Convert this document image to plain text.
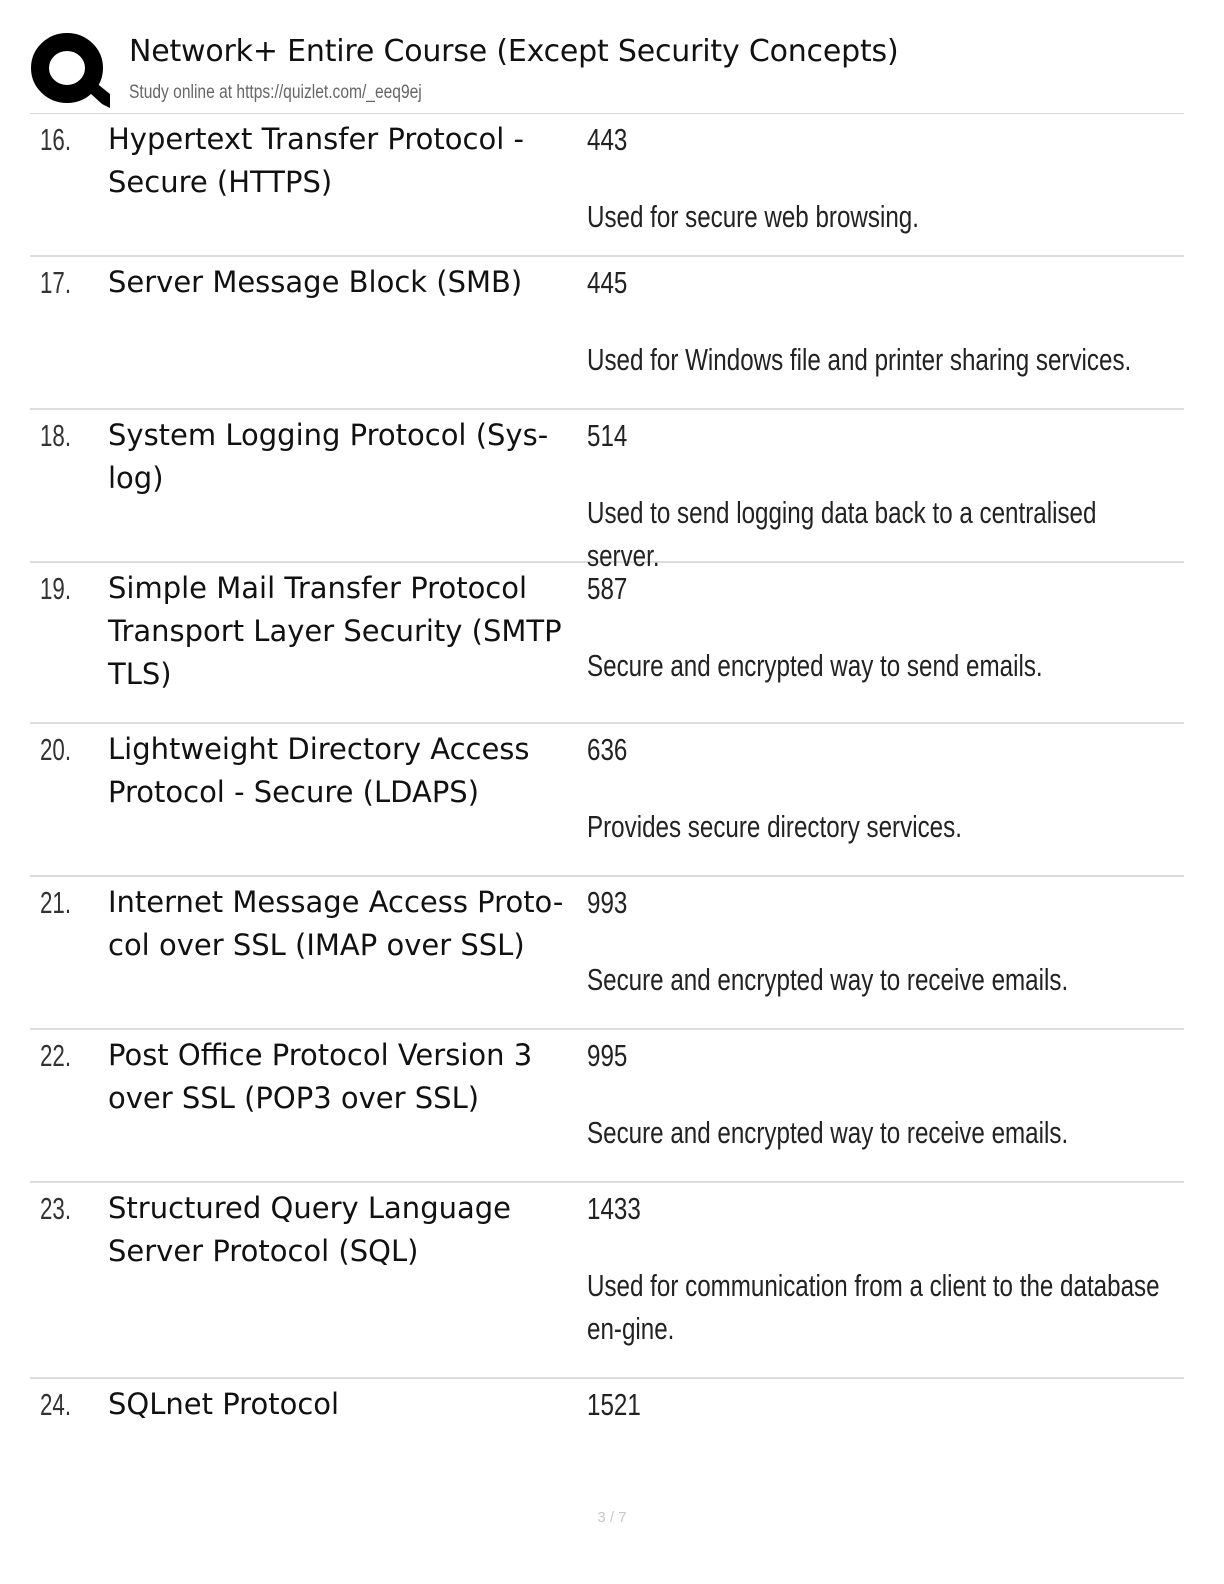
Network+ Entire Course (Except Security Concepts)
Study online at https://quizlet.com/_eeq9ej
16. Hypertext Transfer Protocol - Secure (HTTPS)
443
Used for secure web browsing.
17. Server Message Block (SMB)	445
Used for Windows file and printer sharing services.
18. System Logging Protocol (Sys-log)
514
Used to send logging data back to a centralised server.
19. Simple Mail Transfer Protocol Transport Layer Security (SMTP TLS)
587
Secure and encrypted way to send emails.
20. Lightweight Directory Access Protocol - Secure (LDAPS)
636
Provides secure directory services.
21. Internet Message Access Proto-col over SSL (IMAP over SSL)
993
Secure and encrypted way to receive emails.
22. Post Office Protocol Version 3 over SSL (POP3 over SSL)
995
Secure and encrypted way to receive emails.
23. Structured Query Language Server Protocol (SQL)
1433
Used for communication from a client to the database en-gine.
24. SQLnet Protocol	1521
3 / 7
